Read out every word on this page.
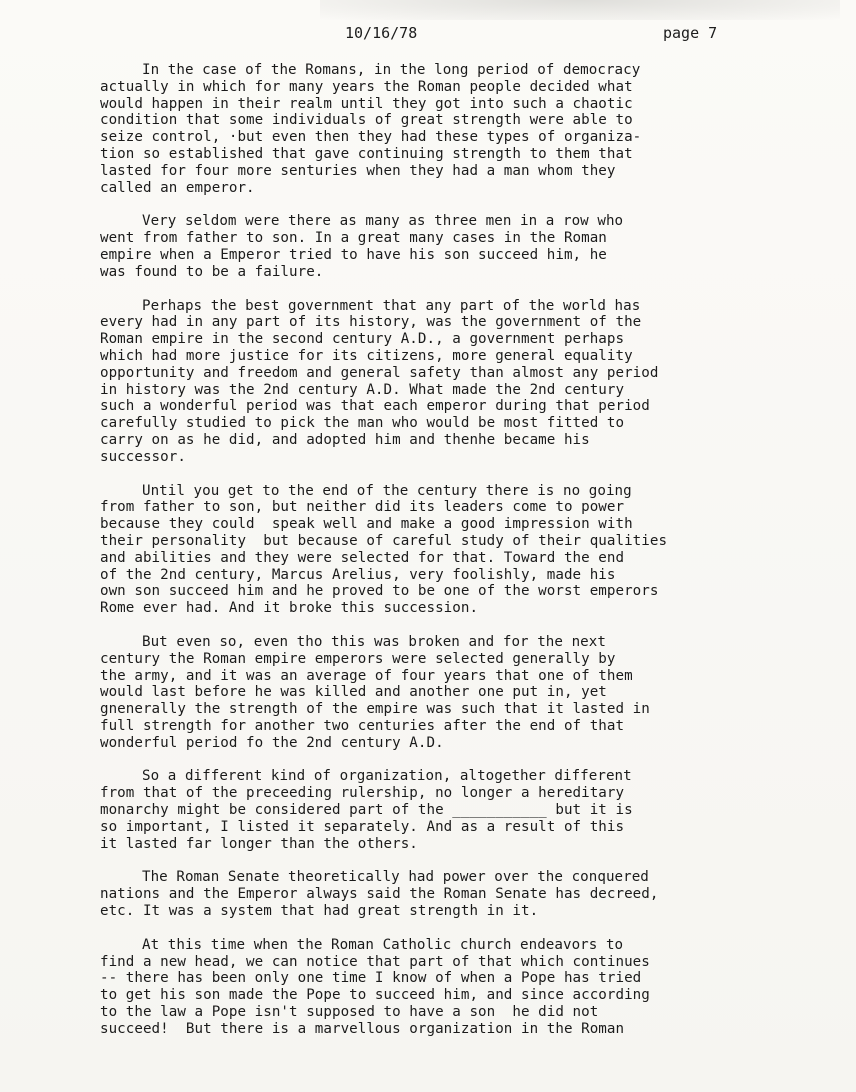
10/16/78	page 7
In the case of the Romans, in the long period of democracy
actually in which for many years the Roman people decided what
would happen in their realm until they got into such a chaotic
condition that some individuals of great strength were able to
seize control, ·but even then they had these types of organiza-
tion so established that gave continuing strength to them that
lasted for four more senturies when they had a man whom they
called an emperor.
Very seldom were there as many as three men in a row who
went from father to son. In a great many cases in the Roman
empire when a Emperor tried to have his son succeed him, he
was found to be a failure.
Perhaps the best government that any part of the world has
every had in any part of its history, was the government of the
Roman empire in the second century A.D., a government perhaps
which had more justice for its citizens, more general equality
opportunity and freedom and general safety than almost any period
in history was the 2nd century A.D. What made the 2nd century
such a wonderful period was that each emperor during that period
carefully studied to pick the man who would be most fitted to
carry on as he did, and adopted him and thenhe became his
successor.
Until you get to the end of the century there is no going
from father to son, but neither did its leaders come to power
because they could  speak well and make a good impression with
their personality  but because of careful study of their qualities
and abilities and they were selected for that. Toward the end
of the 2nd century, Marcus Arelius, very foolishly, made his
own son succeed him and he proved to be one of the worst emperors
Rome ever had. And it broke this succession.
But even so, even tho this was broken and for the next
century the Roman empire emperors were selected generally by
the army, and it was an average of four years that one of them
would last before he was killed and another one put in, yet
gnenerally the strength of the empire was such that it lasted in
full strength for another two centuries after the end of that
wonderful period fo the 2nd century A.D.
So a different kind of organization, altogether different
from that of the preceeding rulership, no longer a hereditary
monarchy might be considered part of the ___________ but it is
so important, I listed it separately. And as a result of this
it lasted far longer than the others.
The Roman Senate theoretically had power over the conquered
nations and the Emperor always said the Roman Senate has decreed,
etc. It was a system that had great strength in it.
At this time when the Roman Catholic church endeavors to
find a new head, we can notice that part of that which continues
-- there has been only one time I know of when a Pope has tried
to get his son made the Pope to succeed him, and since according
to the law a Pope isn't supposed to have a son  he did not
succeed!  But there is a marvellous organization in the Roman
